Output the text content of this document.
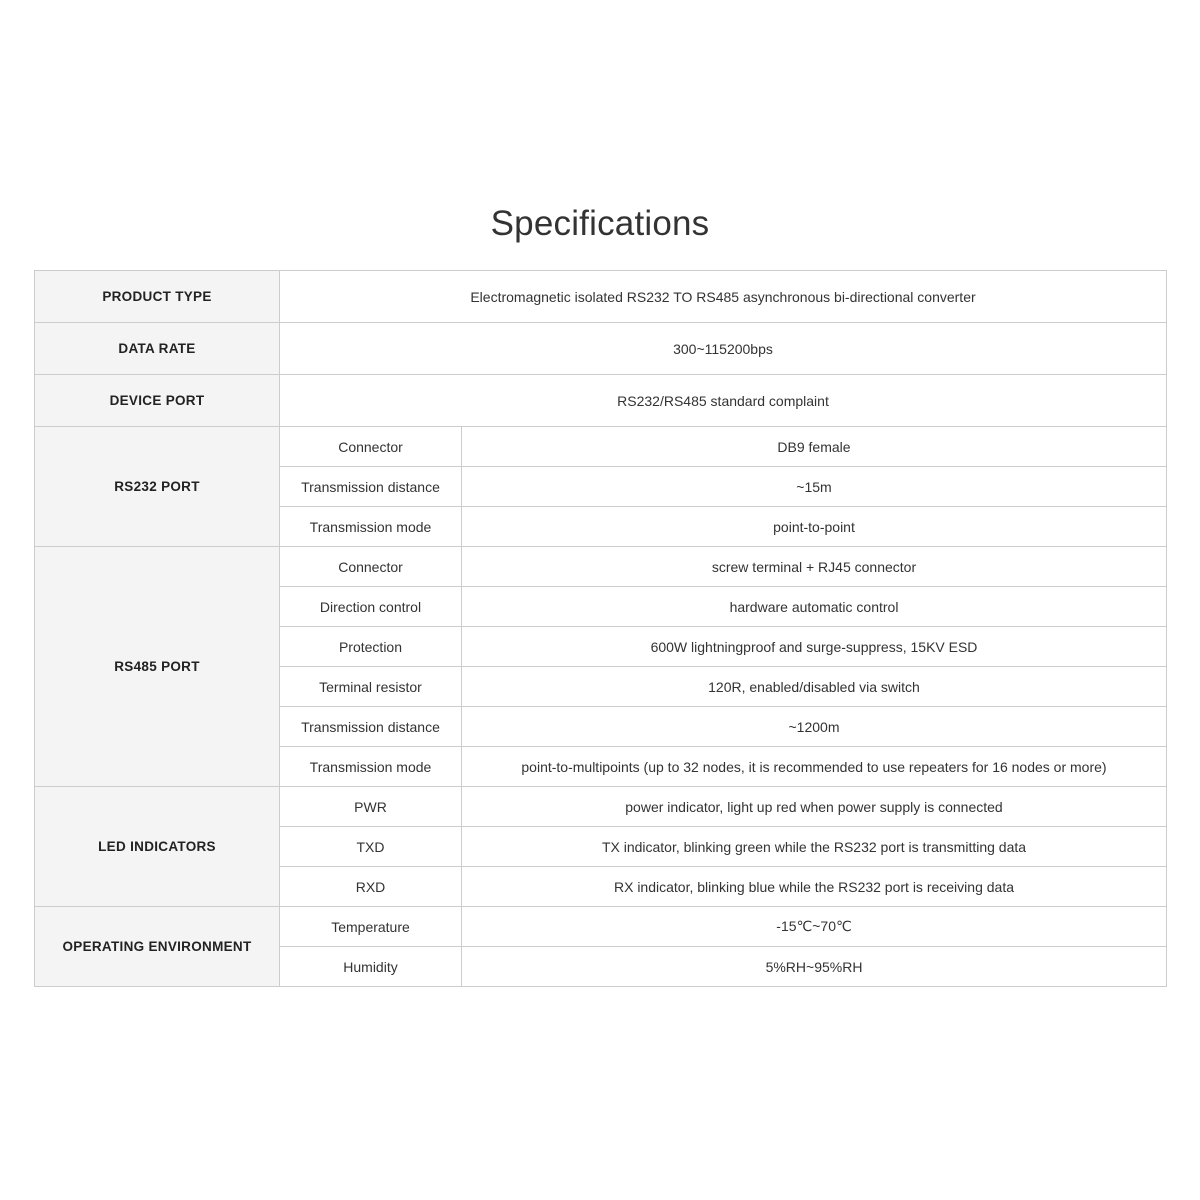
Specifications
PRODUCT TYPE	Electromagnetic isolated RS232 TO RS485 asynchronous bi-directional converter	
DATA RATE	300~115200bps	
DEVICE PORT	RS232/RS485 standard complaint	
RS232 PORT	Connector	DB9 female
	Transmission distance	~15m
	Transmission mode	point-to-point
RS485 PORT	Connector	screw terminal + RJ45 connector
	Direction control	hardware automatic control
	Protection	600W lightningproof and surge-suppress, 15KV ESD
	Terminal resistor	120R, enabled/disabled via switch
	Transmission distance	~1200m
	Transmission mode	point-to-multipoints (up to 32 nodes, it is recommended to use repeaters for 16 nodes or more)
LED INDICATORS	PWR	power indicator, light up red when power supply is connected
	TXD	TX indicator, blinking green while the RS232 port is transmitting data
	RXD	RX indicator, blinking blue while the RS232 port is receiving data
OPERATING ENVIRONMENT	Temperature	-15℃~70℃
	Humidity	5%RH~95%RH
